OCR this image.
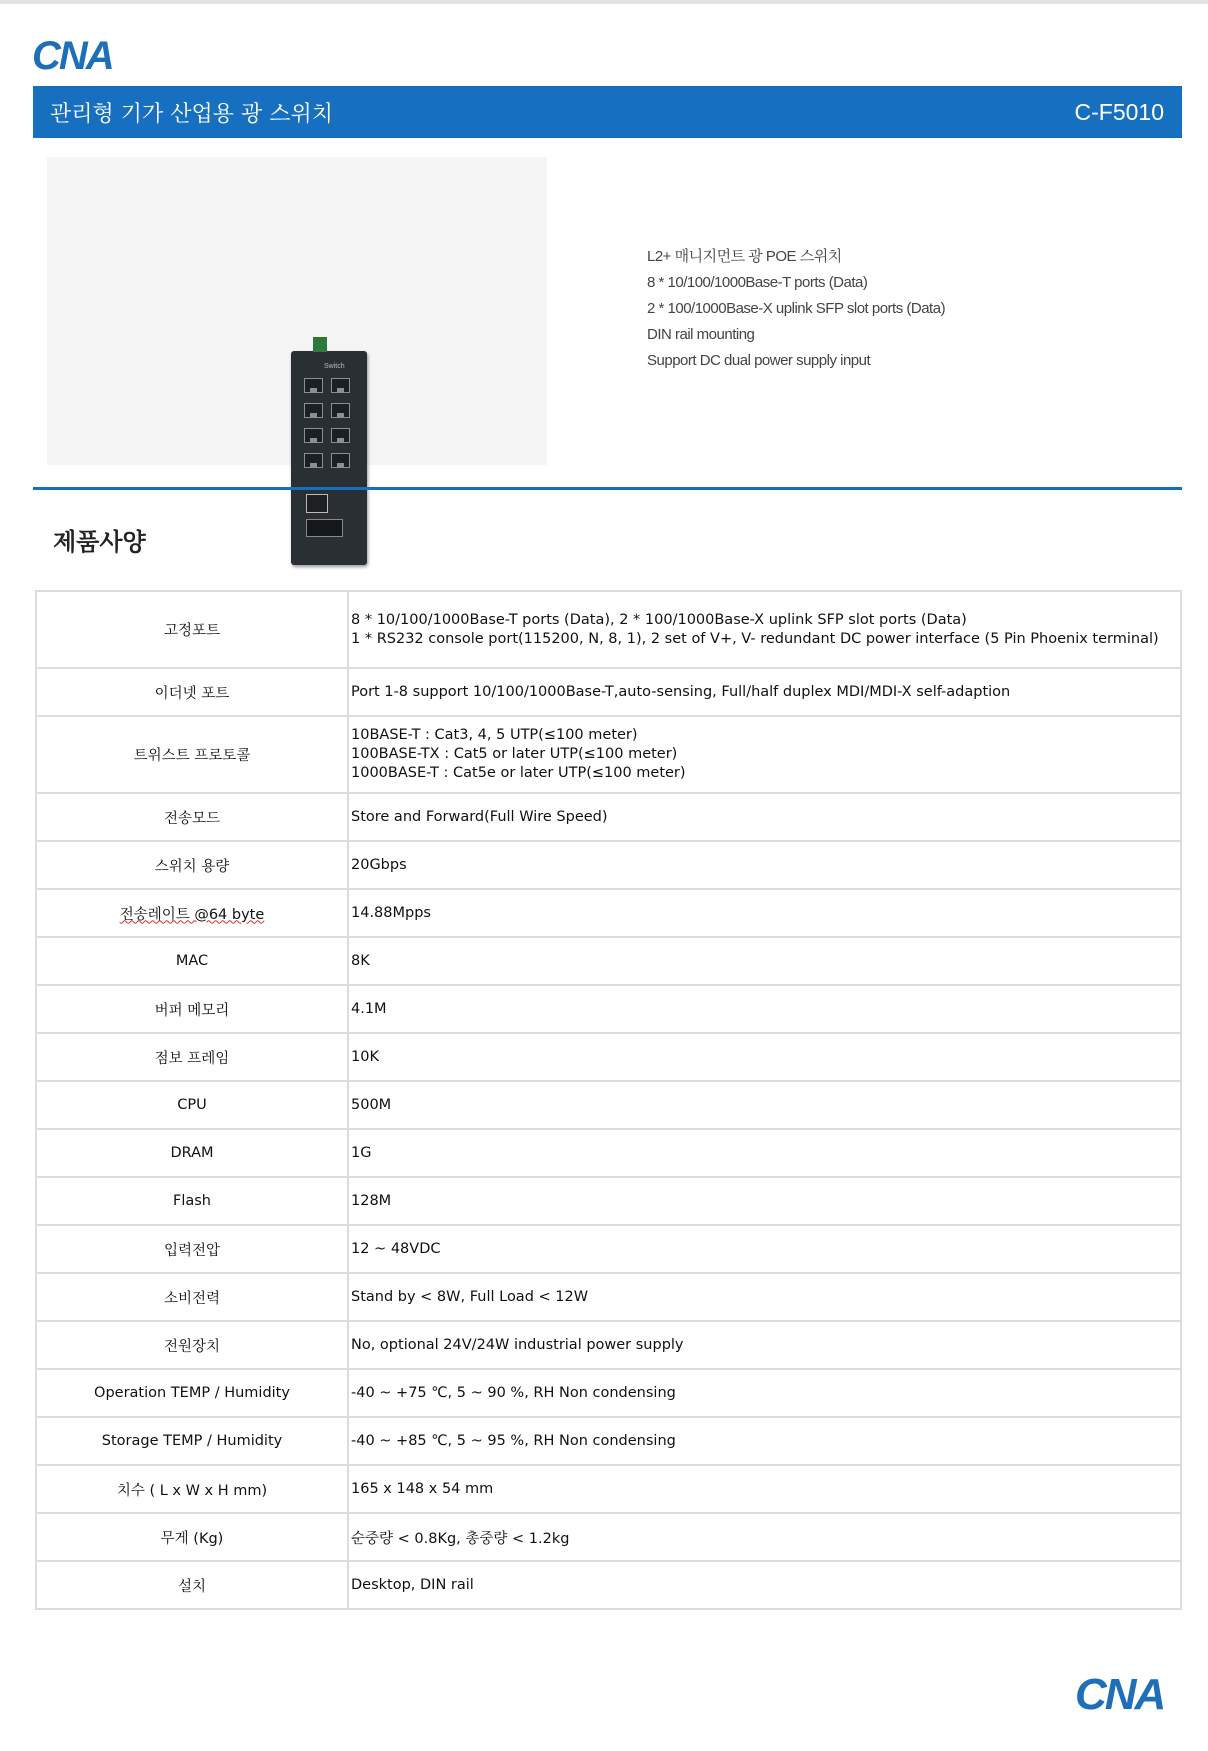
CNA
관리형 기가 산업용 광 스위치	C-F5010
Switch
L2+ 매니지먼트 광 POE 스위치
8 * 10/100/1000Base-T ports (Data)
2 * 100/1000Base-X uplink SFP slot ports (Data)
DIN rail mounting
Support DC dual power supply input
제품사양
고정포트	8 * 10/100/1000Base-T ports (Data), 2 * 100/1000Base-X uplink SFP slot ports (Data)
1 * RS232 console port(115200, N, 8, 1), 2 set of V+, V- redundant DC power interface (5 Pin Phoenix terminal)

이더넷 포트	Port 1-8 support 10/100/1000Base-T,auto-sensing, Full/half duplex MDI/MDI-X self-adaption
트위스트 프로토콜	10BASE-T : Cat3, 4, 5 UTP(≤100 meter)
100BASE-TX : Cat5 or later UTP(≤100 meter)
1000BASE-T : Cat5e or later UTP(≤100 meter)

전송모드	Store and Forward(Full Wire Speed)
스위치 용량	20Gbps
전송레이트 @64 byte	14.88Mpps
MAC	8K
버퍼 메모리	4.1M
점보 프레임	10K
CPU	500M
DRAM	1G
Flash	128M
입력전압	12 ~ 48VDC
소비전력	Stand by < 8W, Full Load < 12W
전원장치	No, optional 24V/24W industrial power supply
Operation TEMP / Humidity	-40 ~ +75 ℃, 5 ~ 90 %, RH Non condensing
Storage TEMP / Humidity	-40 ~ +85 ℃, 5 ~ 95 %, RH Non condensing
치수 ( L x W x H mm)	165 x 148 x 54 mm
무게 (Kg)	순중량 < 0.8Kg, 총중량 < 1.2kg
설치	Desktop, DIN rail
CNA
